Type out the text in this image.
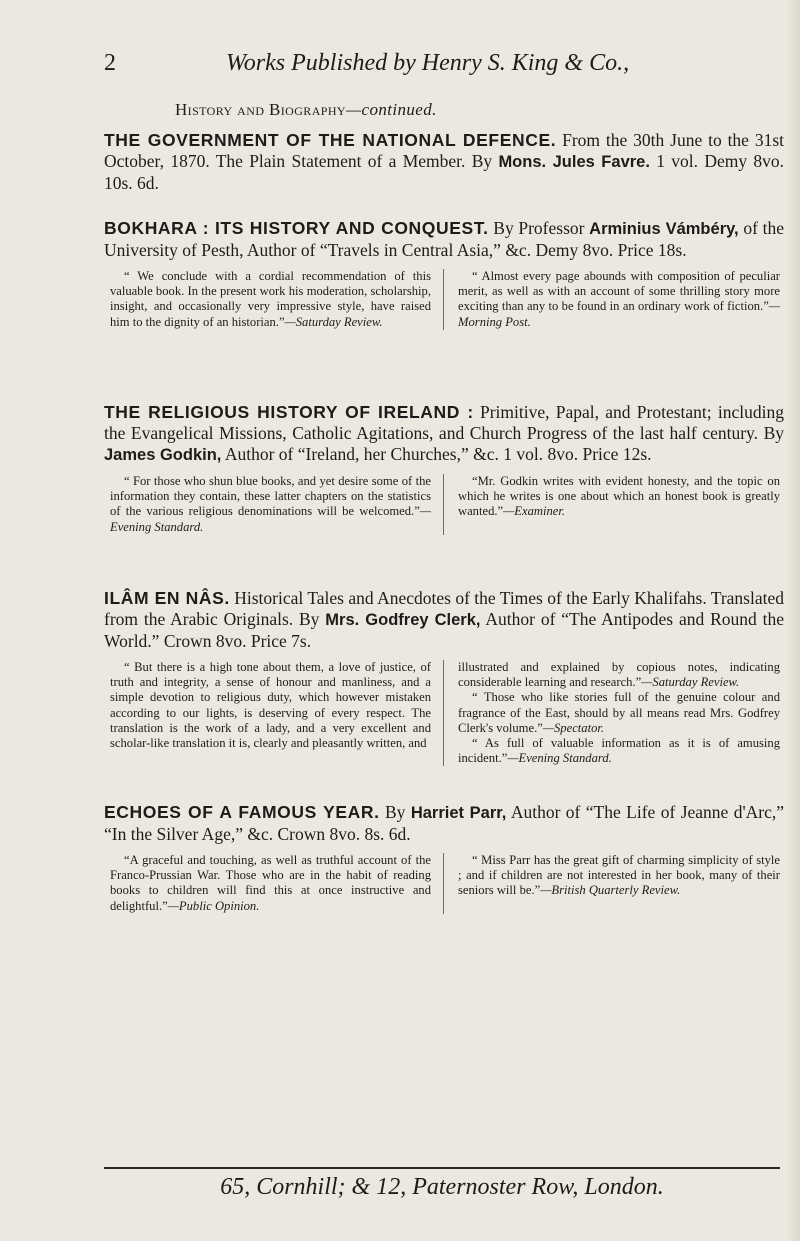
2	Works Published by Henry S. King & Co.,
History and Biography—continued.
THE GOVERNMENT OF THE NATIONAL DEFENCE. From the 30th June to the 31st October, 1870. The Plain Statement of a Member. By Mons. Jules Favre. 1 vol. Demy 8vo. 10s. 6d.
BOKHARA : ITS HISTORY AND CONQUEST. By Professor Arminius Vámbéry, of the University of Pesth, Author of “Travels in Central Asia,” &c. Demy 8vo. Price 18s.

“ We conclude with a cordial recommendation of this valuable book. In the present work his moderation, scholarship, insight, and occasionally very impressive style, have raised him to the dignity of an historian.”—Saturday Review.

“ Almost every page abounds with composition of peculiar merit, as well as with an account of some thrilling story more exciting than any to be found in an ordinary work of fiction.”—Morning Post.

THE RELIGIOUS HISTORY OF IRELAND : Primitive, Papal, and Protestant; including the Evangelical Missions, Catholic Agitations, and Church Progress of the last half century. By James Godkin, Author of “Ireland, her Churches,” &c. 1 vol. 8vo. Price 12s.

“ For those who shun blue books, and yet desire some of the information they contain, these latter chapters on the statistics of the various religious denominations will be welcomed.”—Evening Standard.

“Mr. Godkin writes with evident honesty, and the topic on which he writes is one about which an honest book is greatly wanted.”—Examiner.

ILÂM EN NÂS. Historical Tales and Anecdotes of the Times of the Early Khalifahs. Translated from the Arabic Originals. By Mrs. Godfrey Clerk, Author of “The Antipodes and Round the World.” Crown 8vo. Price 7s.

“ But there is a high tone about them, a love of justice, of truth and integrity, a sense of honour and manliness, and a simple devotion to religious duty, which however mistaken according to our lights, is deserving of every respect. The translation is the work of a lady, and a very excellent and scholar-like translation it is, clearly and pleasantly written, and

illustrated and explained by copious notes, indicating considerable learning and research.”—Saturday Review.

“ Those who like stories full of the genuine colour and fragrance of the East, should by all means read Mrs. Godfrey Clerk's volume.”—Spectator.

“ As full of valuable information as it is of amusing incident.”—Evening Standard.

ECHOES OF A FAMOUS YEAR. By Harriet Parr, Author of “The Life of Jeanne d'Arc,” “In the Silver Age,” &c. Crown 8vo. 8s. 6d.

“A graceful and touching, as well as truthful account of the Franco-Prussian War. Those who are in the habit of reading books to children will find this at once instructive and delightful.”—Public Opinion.

“ Miss Parr has the great gift of charming simplicity of style ; and if children are not interested in her book, many of their seniors will be.”—British Quarterly Review.

65, Cornhill; & 12, Paternoster Row, London.
